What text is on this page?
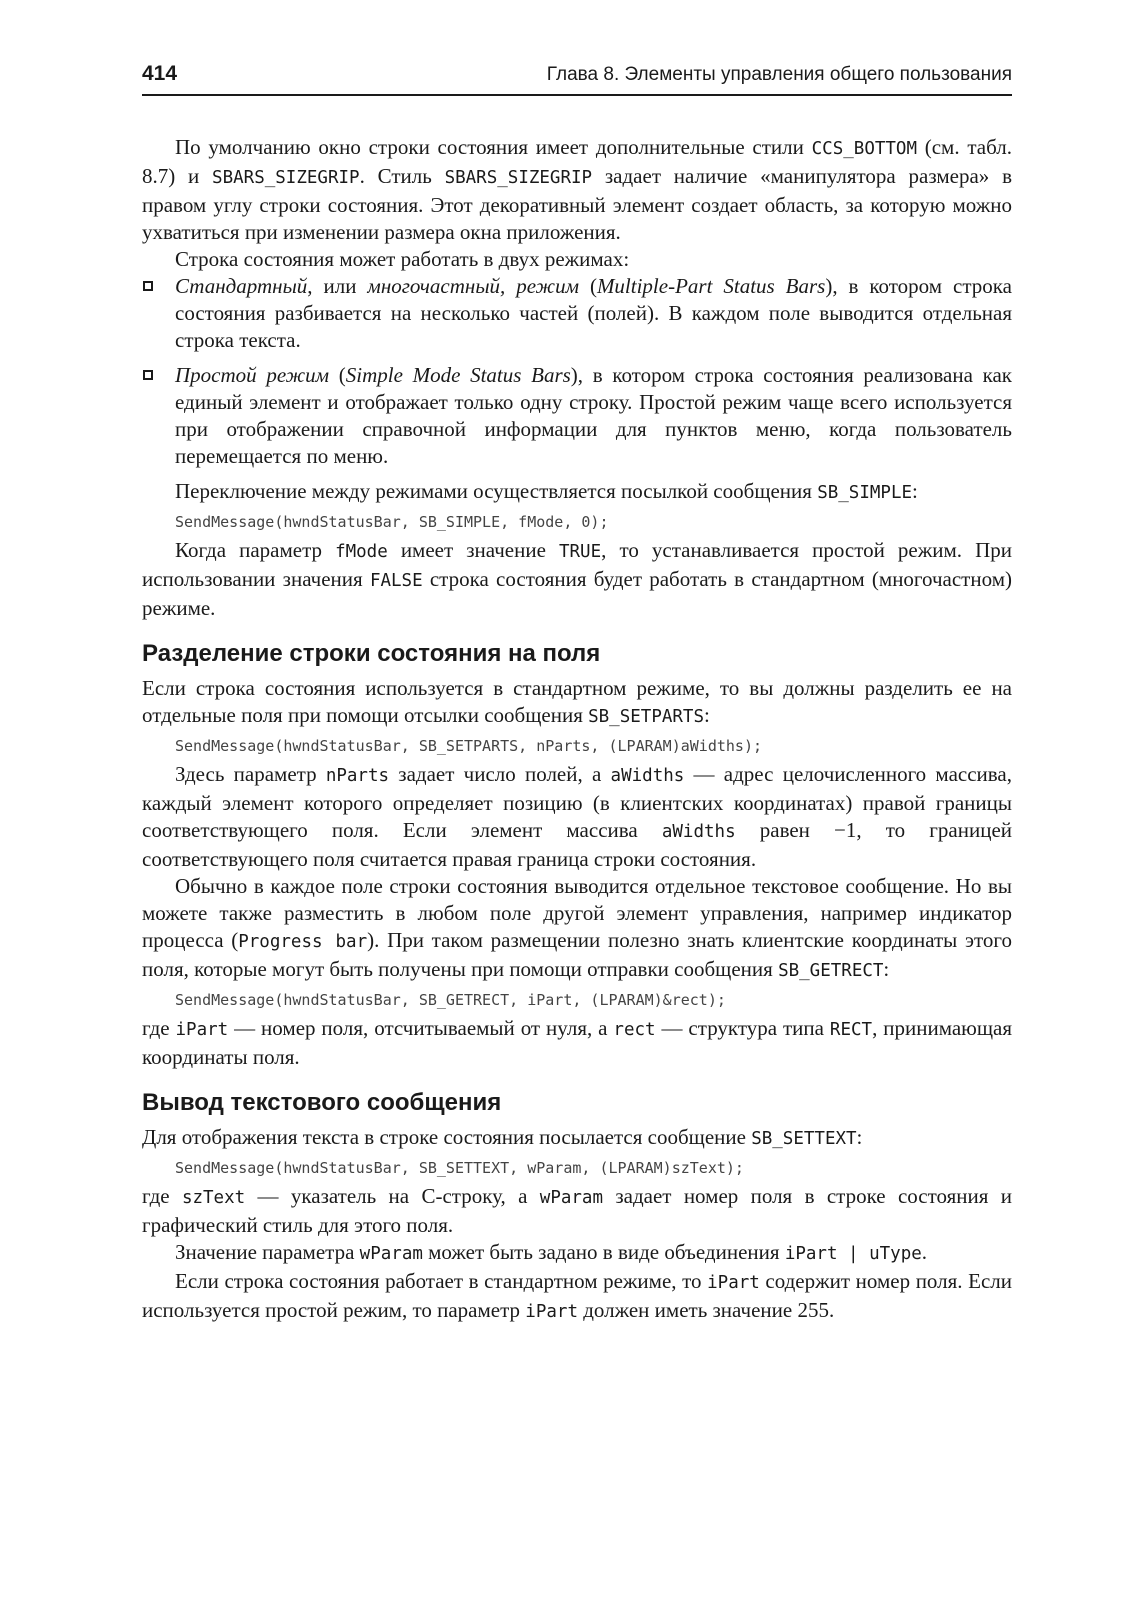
414	Глава 8. Элементы управления общего пользования

По умолчанию окно строки состояния имеет дополнительные стили CCS_BOTTOM (см. табл. 8.7) и SBARS_SIZEGRIP. Стиль SBARS_SIZEGRIP задает наличие «манипулятора размера» в правом углу строки состояния. Этот декоративный элемент создает область, за которую можно ухватиться при изменении размера окна приложения.

Строка состояния может работать в двух режимах:

Стандартный, или многочастный, режим (Multiple-Part Status Bars), в котором строка состояния разбивается на несколько частей (полей). В каждом поле выводится отдельная строка текста.
Простой режим (Simple Mode Status Bars), в котором строка состояния реализована как единый элемент и отображает только одну строку. Простой режим чаще всего используется при отображении справочной информации для пунктов меню, когда пользователь перемещается по меню.

Переключение между режимами осуществляется посылкой сообщения SB_SIMPLE:

SendMessage(hwndStatusBar, SB_SIMPLE, fMode, 0);

Когда параметр fMode имеет значение TRUE, то устанавливается простой режим. При использовании значения FALSE строка состояния будет работать в стандартном (многочастном) режиме.

Разделение строки состояния на поля

Если строка состояния используется в стандартном режиме, то вы должны разделить ее на отдельные поля при помощи отсылки сообщения SB_SETPARTS:

SendMessage(hwndStatusBar, SB_SETPARTS, nParts, (LPARAM)aWidths);

Здесь параметр nParts задает число полей, а aWidths — адрес целочисленного массива, каждый элемент которого определяет позицию (в клиентских координатах) правой границы соответствующего поля. Если элемент массива aWidths равен −1, то границей соответствующего поля считается правая граница строки состояния.

Обычно в каждое поле строки состояния выводится отдельное текстовое сообщение. Но вы можете также разместить в любом поле другой элемент управления, например индикатор процесса (Progress bar). При таком размещении полезно знать клиентские координаты этого поля, которые могут быть получены при помощи отправки сообщения SB_GETRECT:

SendMessage(hwndStatusBar, SB_GETRECT, iPart, (LPARAM)&rect);

где iPart — номер поля, отсчитываемый от нуля, а rect — структура типа RECT, принимающая координаты поля.

Вывод текстового сообщения

Для отображения текста в строке состояния посылается сообщение SB_SETTEXT:

SendMessage(hwndStatusBar, SB_SETTEXT, wParam, (LPARAM)szText);

где szText — указатель на C-строку, а wParam задает номер поля в строке состояния и графический стиль для этого поля.

Значение параметра wParam может быть задано в виде объединения iPart | uType.

Если строка состояния работает в стандартном режиме, то iPart содержит номер поля. Если используется простой режим, то параметр iPart должен иметь значение 255.
